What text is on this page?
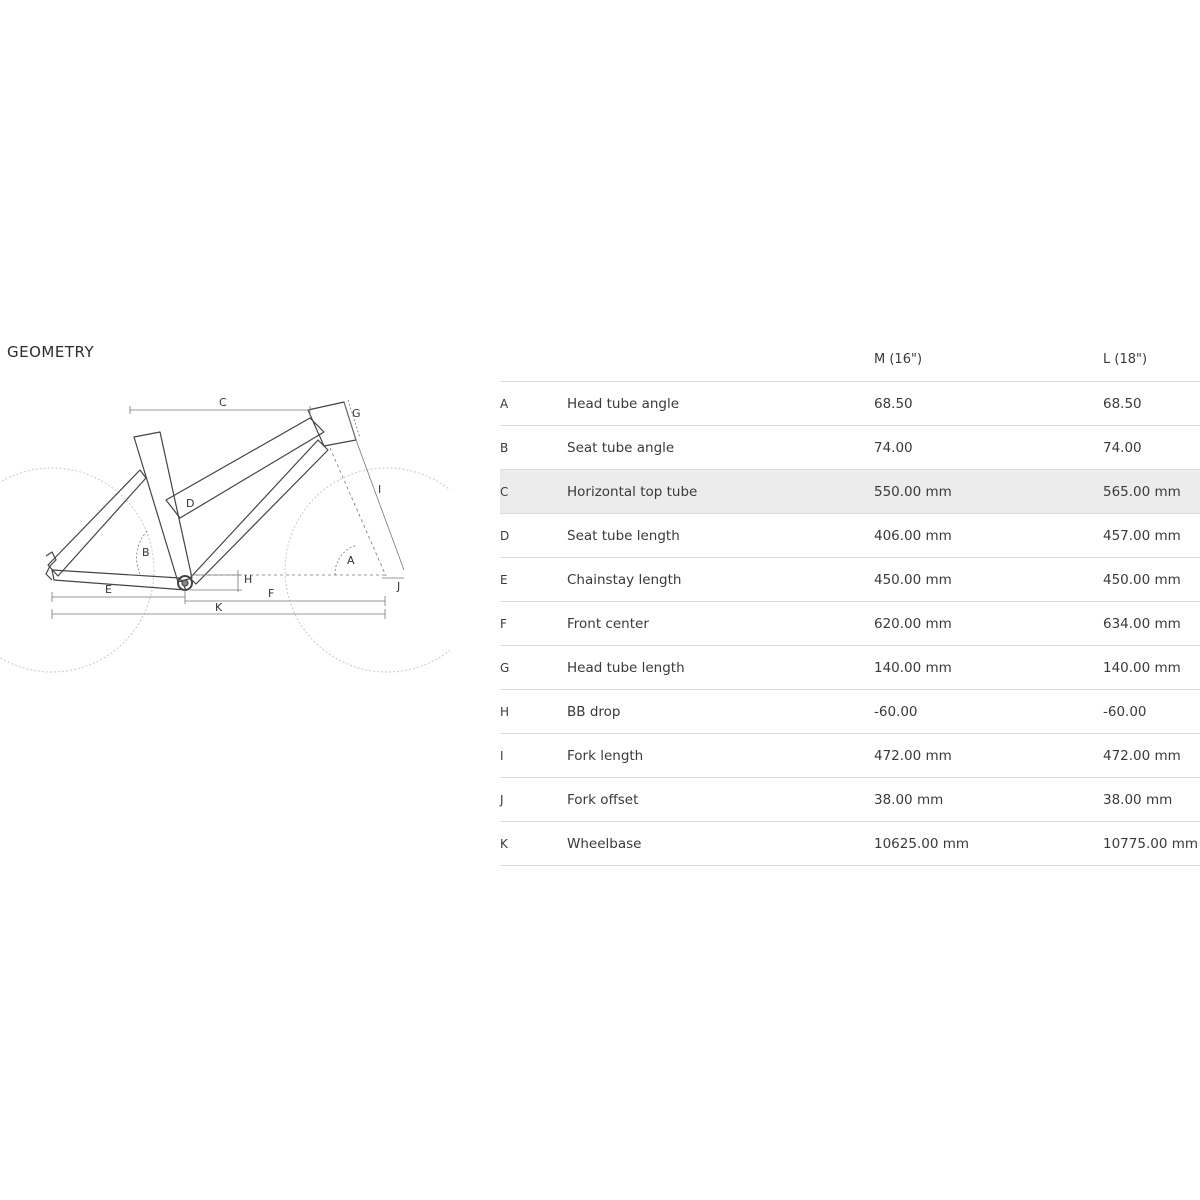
GEOMETRY
C
G
I
D
B
A
H
J
E	F
K
		M (16")	L (18")
A	Head tube angle	68.50	68.50
B	Seat tube angle	74.00	74.00
C	Horizontal top tube	550.00 mm	565.00 mm
D	Seat tube length	406.00 mm	457.00 mm
E	Chainstay length	450.00 mm	450.00 mm
F	Front center	620.00 mm	634.00 mm
G	Head tube length	140.00 mm	140.00 mm
H	BB drop	-60.00	-60.00
I	Fork length	472.00 mm	472.00 mm
J	Fork offset	38.00 mm	38.00 mm
K	Wheelbase	10625.00 mm	10775.00 mm
